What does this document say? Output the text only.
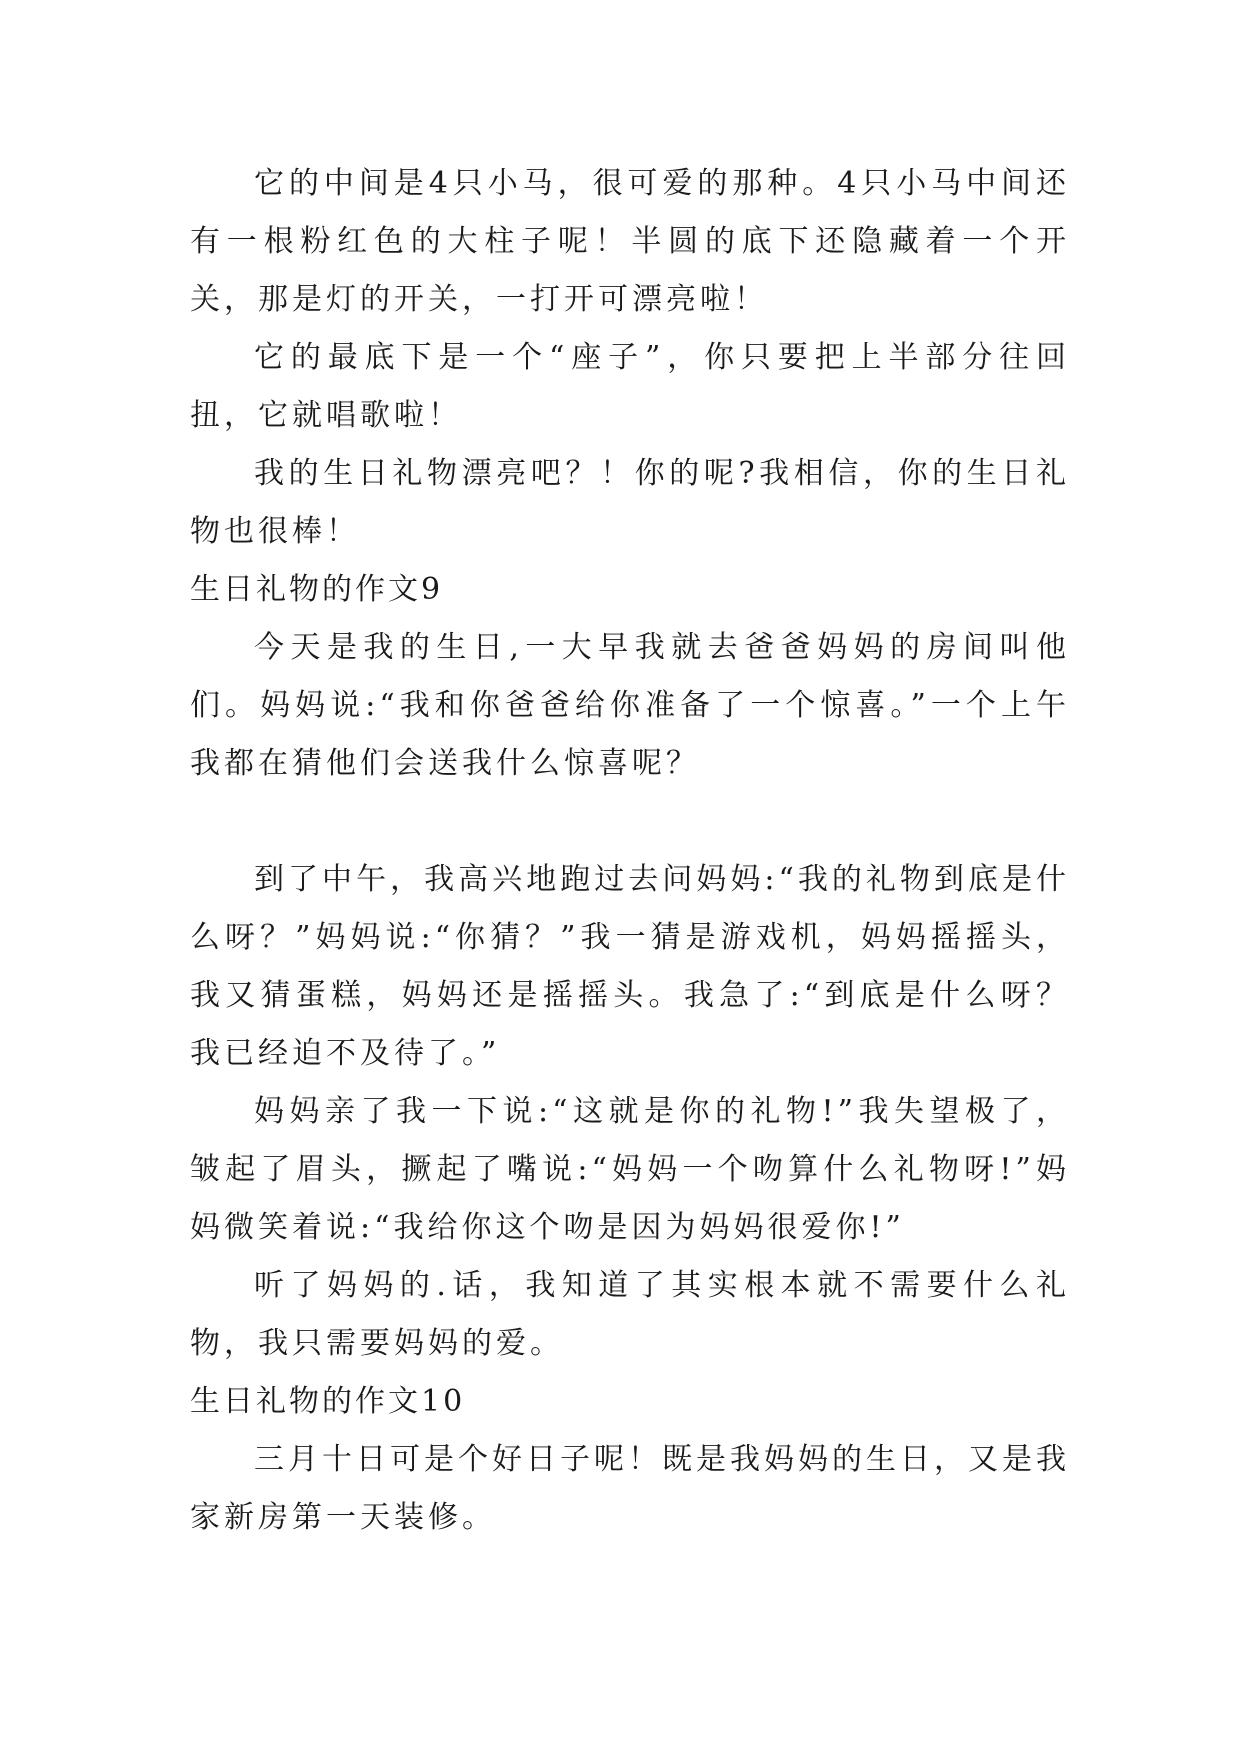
它的中间是4只小马，很可爱的那种。4只小马中间还有一根粉红色的大柱子呢！半圆的底下还隐藏着一个开关，那是灯的开关，一打开可漂亮啦！

它的最底下是一个“座子”，你只要把上半部分往回扭，它就唱歌啦！

我的生日礼物漂亮吧？！你的呢?我相信，你的生日礼物也很棒！

生日礼物的作文9

今天是我的生日,一大早我就去爸爸妈妈的房间叫他们。妈妈说:“我和你爸爸给你准备了一个惊喜。”一个上午我都在猜他们会送我什么惊喜呢？

到了中午，我高兴地跑过去问妈妈:“我的礼物到底是什么呀？”妈妈说:“你猜？”我一猜是游戏机，妈妈摇摇头，我又猜蛋糕，妈妈还是摇摇头。我急了:“到底是什么呀？我已经迫不及待了。”

妈妈亲了我一下说:“这就是你的礼物!”我失望极了，皱起了眉头，撅起了嘴说:“妈妈一个吻算什么礼物呀!”妈妈微笑着说:“我给你这个吻是因为妈妈很爱你!”

听了妈妈的.话，我知道了其实根本就不需要什么礼物，我只需要妈妈的爱。

生日礼物的作文10

三月十日可是个好日子呢！既是我妈妈的生日，又是我家新房第一天装修。
